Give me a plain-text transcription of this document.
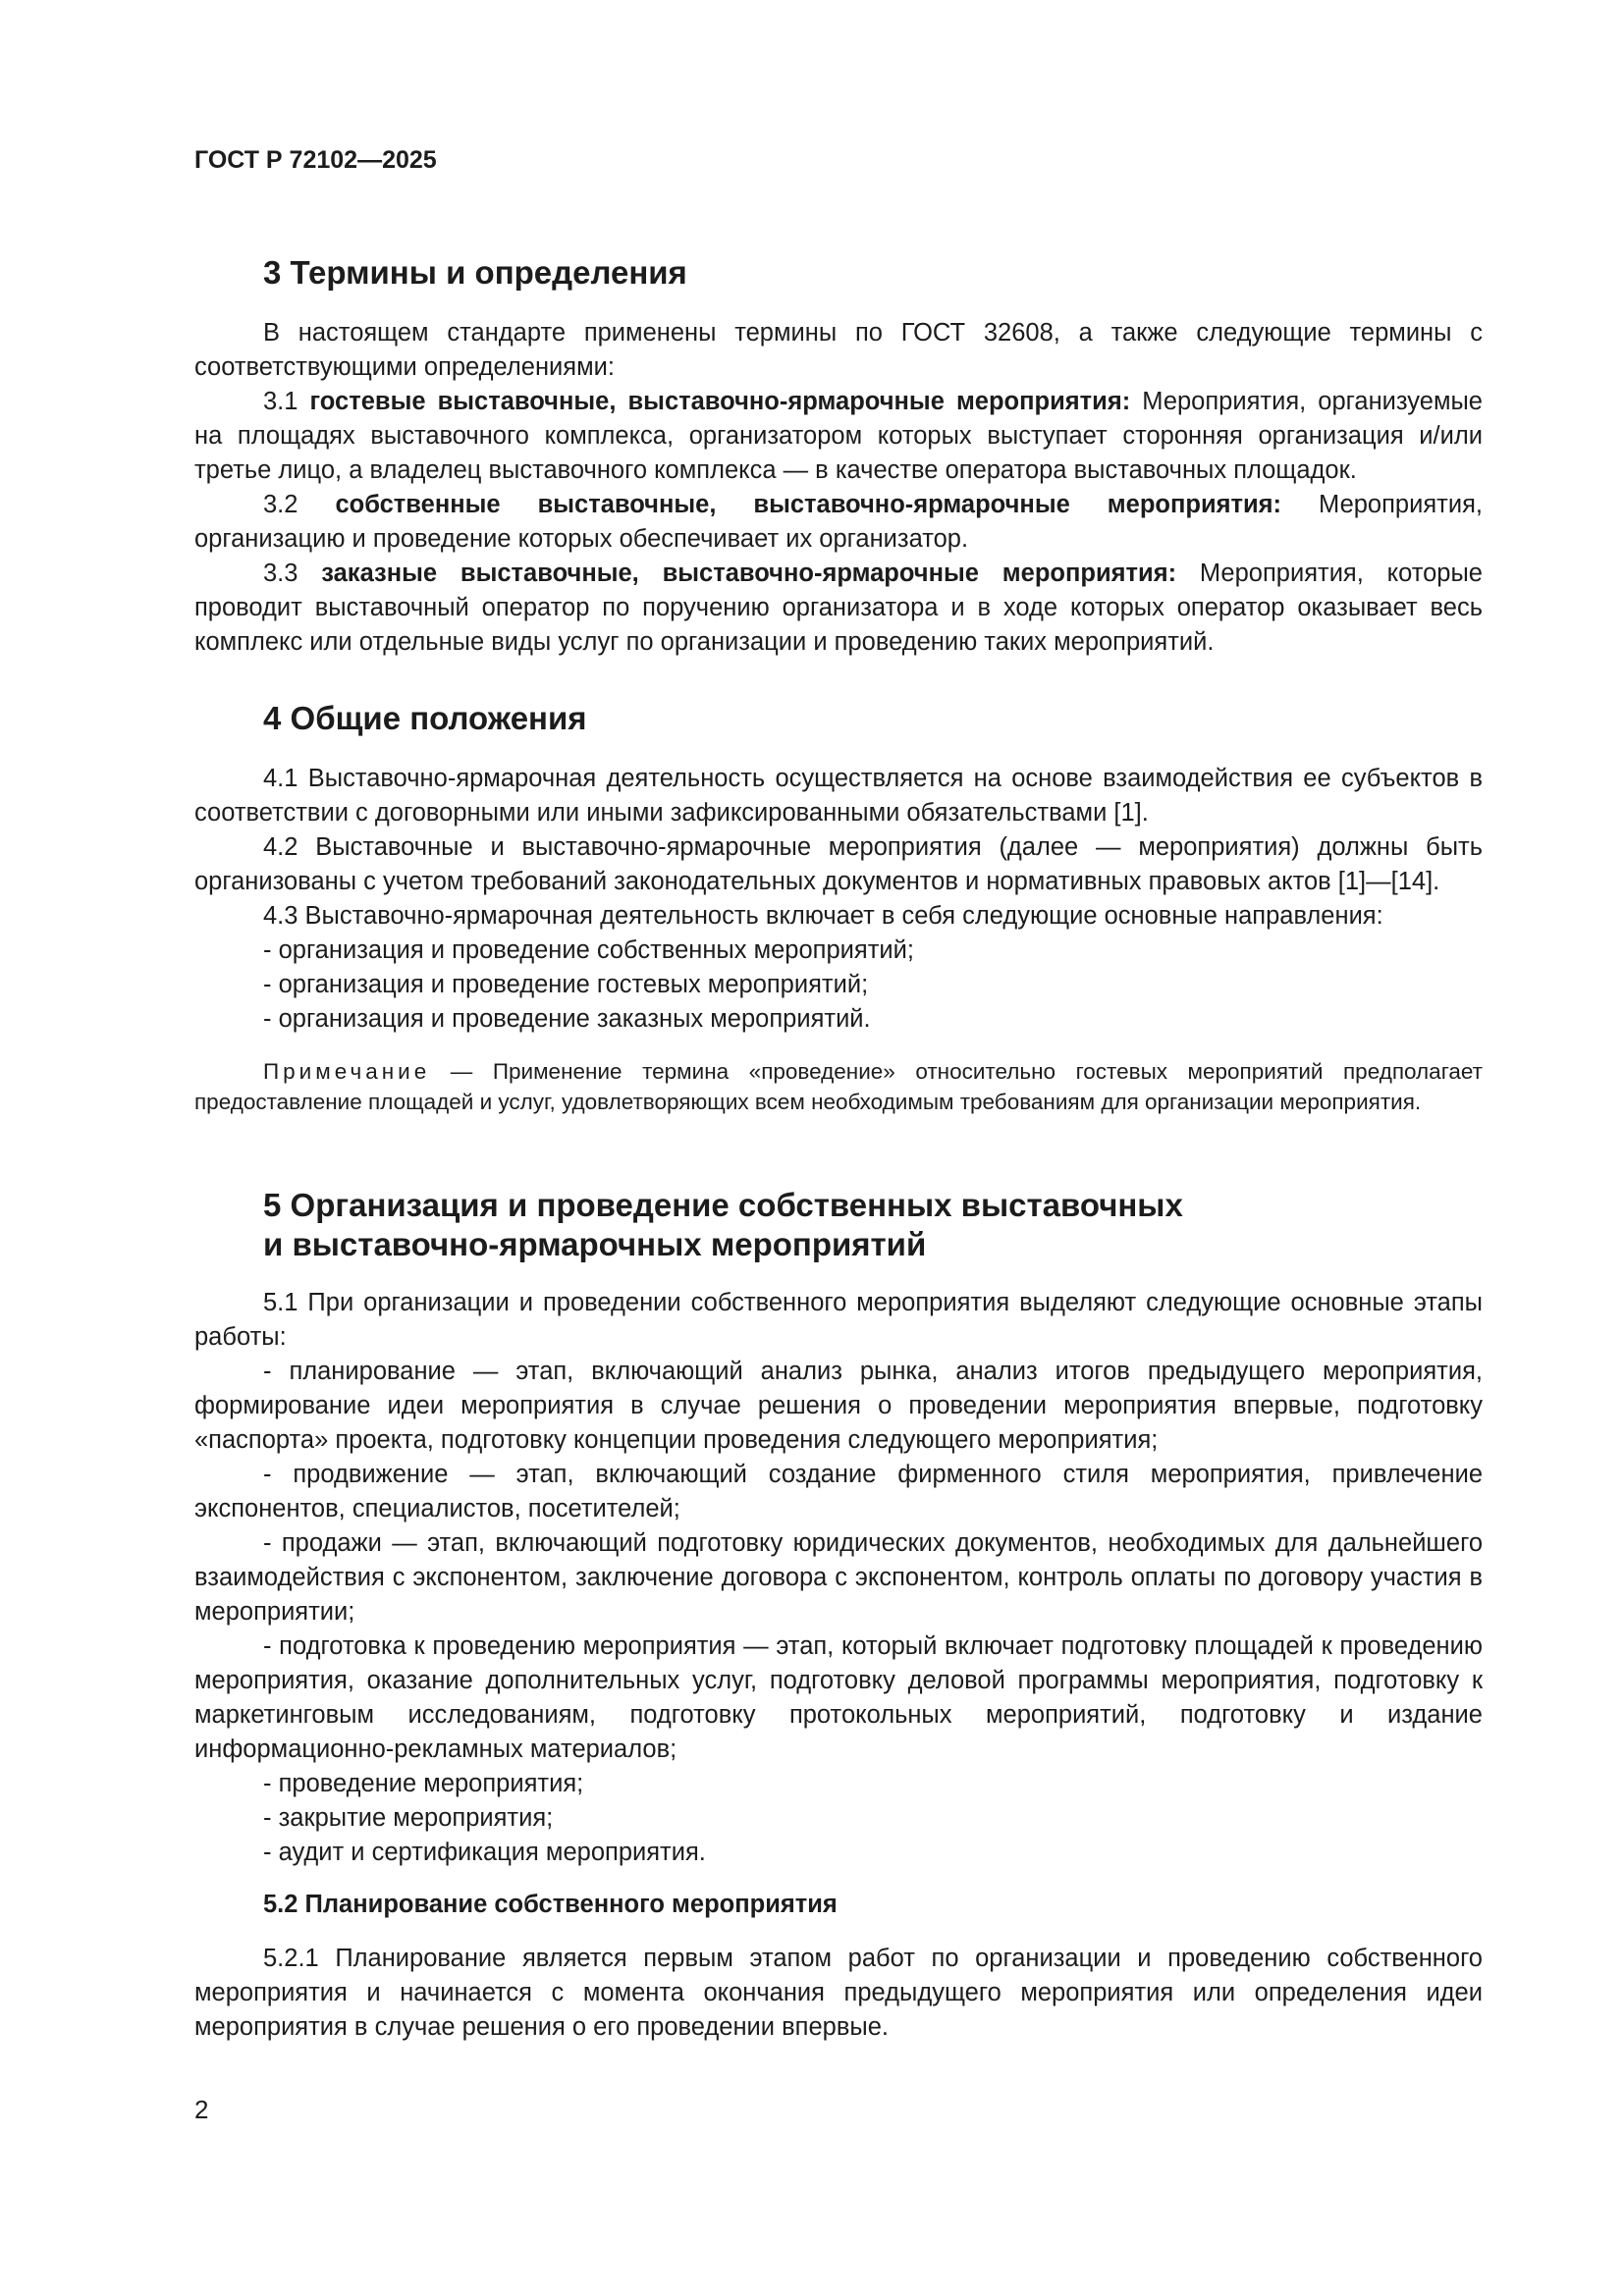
ГОСТ Р 72102—2025
3 Термины и определения

В настоящем стандарте применены термины по ГОСТ 32608, а также следующие термины с соответствующими определениями:

3.1 гостевые выставочные, выставочно-ярмарочные мероприятия: Мероприятия, организуемые на площадях выставочного комплекса, организатором которых выступает сторонняя организация и/или третье лицо, а владелец выставочного комплекса — в качестве оператора выставочных площадок.

3.2 собственные выставочные, выставочно-ярмарочные мероприятия: Мероприятия, организацию и проведение которых обеспечивает их организатор.

3.3 заказные выставочные, выставочно-ярмарочные мероприятия: Мероприятия, которые проводит выставочный оператор по поручению организатора и в ходе которых оператор оказывает весь комплекс или отдельные виды услуг по организации и проведению таких мероприятий.

4 Общие положения

4.1 Выставочно-ярмарочная деятельность осуществляется на основе взаимодействия ее субъектов в соответствии с договорными или иными зафиксированными обязательствами [1].

4.2 Выставочные и выставочно-ярмарочные мероприятия (далее — мероприятия) должны быть организованы с учетом требований законодательных документов и нормативных правовых актов [1]—[14].

4.3 Выставочно-ярмарочная деятельность включает в себя следующие основные направления:

- организация и проведение собственных мероприятий;
- организация и проведение гостевых мероприятий;
- организация и проведение заказных мероприятий.

Примечание — Применение термина «проведение» относительно гостевых мероприятий предполагает предоставление площадей и услуг, удовлетворяющих всем необходимым требованиям для организации мероприятия.

5 Организация и проведение собственных выставочных
и выставочно-ярмарочных мероприятий

5.1 При организации и проведении собственного мероприятия выделяют следующие основные этапы работы:

- планирование — этап, включающий анализ рынка, анализ итогов предыдущего мероприятия, формирование идеи мероприятия в случае решения о проведении мероприятия впервые, подготовку «паспорта» проекта, подготовку концепции проведения следующего мероприятия;

- продвижение — этап, включающий создание фирменного стиля мероприятия, привлечение экспонентов, специалистов, посетителей;

- продажи — этап, включающий подготовку юридических документов, необходимых для дальнейшего взаимодействия с экспонентом, заключение договора с экспонентом, контроль оплаты по договору участия в мероприятии;

- подготовка к проведению мероприятия — этап, который включает подготовку площадей к проведению мероприятия, оказание дополнительных услуг, подготовку деловой программы мероприятия, подготовку к маркетинговым исследованиям, подготовку протокольных мероприятий, подготовку и издание информационно-рекламных материалов;

- проведение мероприятия;
- закрытие мероприятия;
- аудит и сертификация мероприятия.
5.2 Планирование собственного мероприятия

5.2.1 Планирование является первым этапом работ по организации и проведению собственного мероприятия и начинается с момента окончания предыдущего мероприятия или определения идеи мероприятия в случае решения о его проведении впервые.

2
